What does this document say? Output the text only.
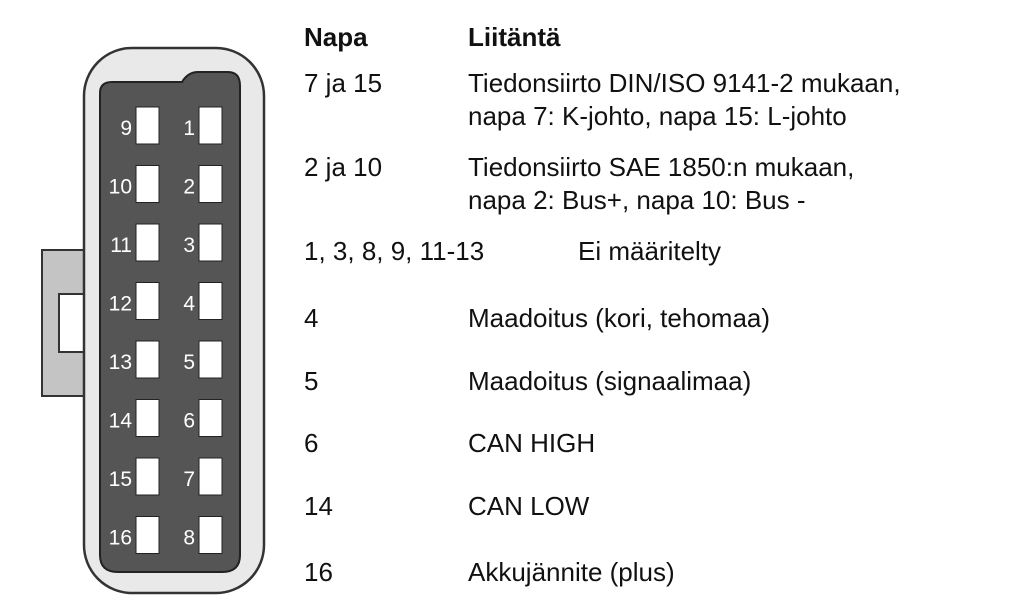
9
10
11
12
13
14
15
16
1
2
3
4
5
6
7
8
Napa	Liitäntä
7 ja 15	Tiedonsiirto DIN/ISO 9141-2 mukaan,
napa 7: K-johto, napa 15: L-johto
2 ja 10	Tiedonsiirto SAE 1850:n mukaan,
napa 2: Bus+, napa 10: Bus -
1, 3, 8, 9, 11-13	Ei määritelty
4	Maadoitus (kori, tehomaa)
5	Maadoitus (signaalimaa)
6	CAN HIGH
14	CAN LOW
16	Akkujännite (plus)
